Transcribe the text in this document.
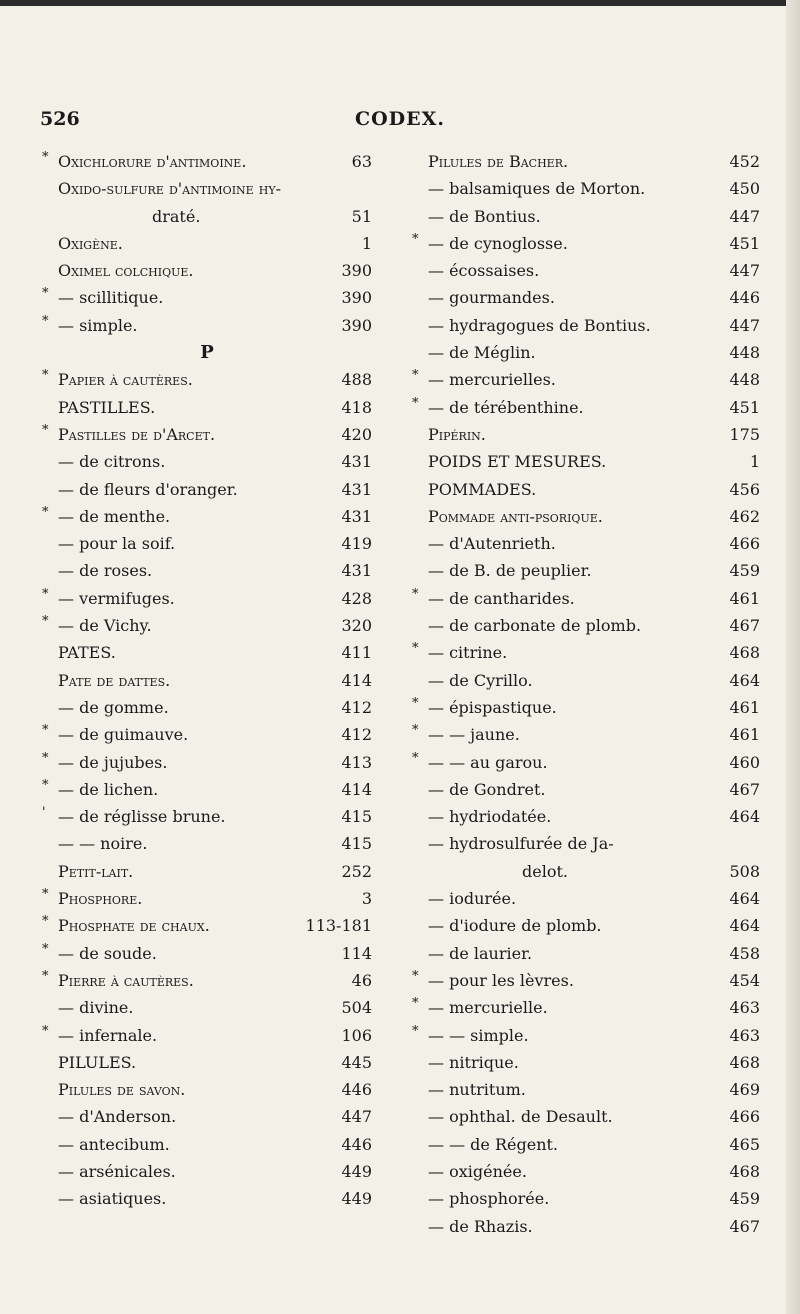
526	CODEX.
* Oxichlorure d'antimoine.	63
Oxido-sulfure d'antimoine hy-
draté.	51
Oxigène.	1
Oximel colchique.	390
* — scillitique.	390
* — simple.	390
P
* Papier à cautères.	488
PASTILLES.	418
* Pastilles de d'Arcet.	420
— de citrons.	431
— de fleurs d'oranger.	431
* — de menthe.	431
— pour la soif.	419
— de roses.	431
* — vermifuges.	428
* — de Vichy.	320
PATES.	411
Pate de dattes.	414
— de gomme.	412
* — de guimauve.	412
* — de jujubes.	413
* — de lichen.	414
' — de réglisse brune.	415
— — noire.	415
Petit-lait.	252
* Phosphore.	3
* Phosphate de chaux.	113-181
* — de soude.	114
* Pierre à cautères.	46
— divine.	504
* — infernale.	106
PILULES.	445
Pilules de savon.	446
— d'Anderson.	447
— antecibum.	446
— arsénicales.	449
— asiatiques.	449
Pilules de Bacher.	452
— balsamiques de Morton.	450
— de Bontius.	447
* — de cynoglosse.	451
— écossaises.	447
— gourmandes.	446
— hydragogues de Bontius.	447
— de Méglin.	448
* — mercurielles.	448
* — de térébenthine.	451
Pipérin.	175
POIDS ET MESURES.	1
POMMADES.	456
Pommade anti-psorique.	462
— d'Autenrieth.	466
— de B. de peuplier.	459
* — de cantharides.	461
— de carbonate de plomb.	467
* — citrine.	468
— de Cyrillo.	464
* — épispastique.	461
* — — jaune.	461
* — — au garou.	460
— de Gondret.	467
— hydriodatée.	464
— hydrosulfurée de Ja-
delot.	508
— iodurée.	464
— d'iodure de plomb.	464
— de laurier.	458
* — pour les lèvres.	454
* — mercurielle.	463
* — — simple.	463
— nitrique.	468
— nutritum.	469
— ophthal. de Desault.	466
— — de Régent.	465
— oxigénée.	468
— phosphorée.	459
— de Rhazis.	467
